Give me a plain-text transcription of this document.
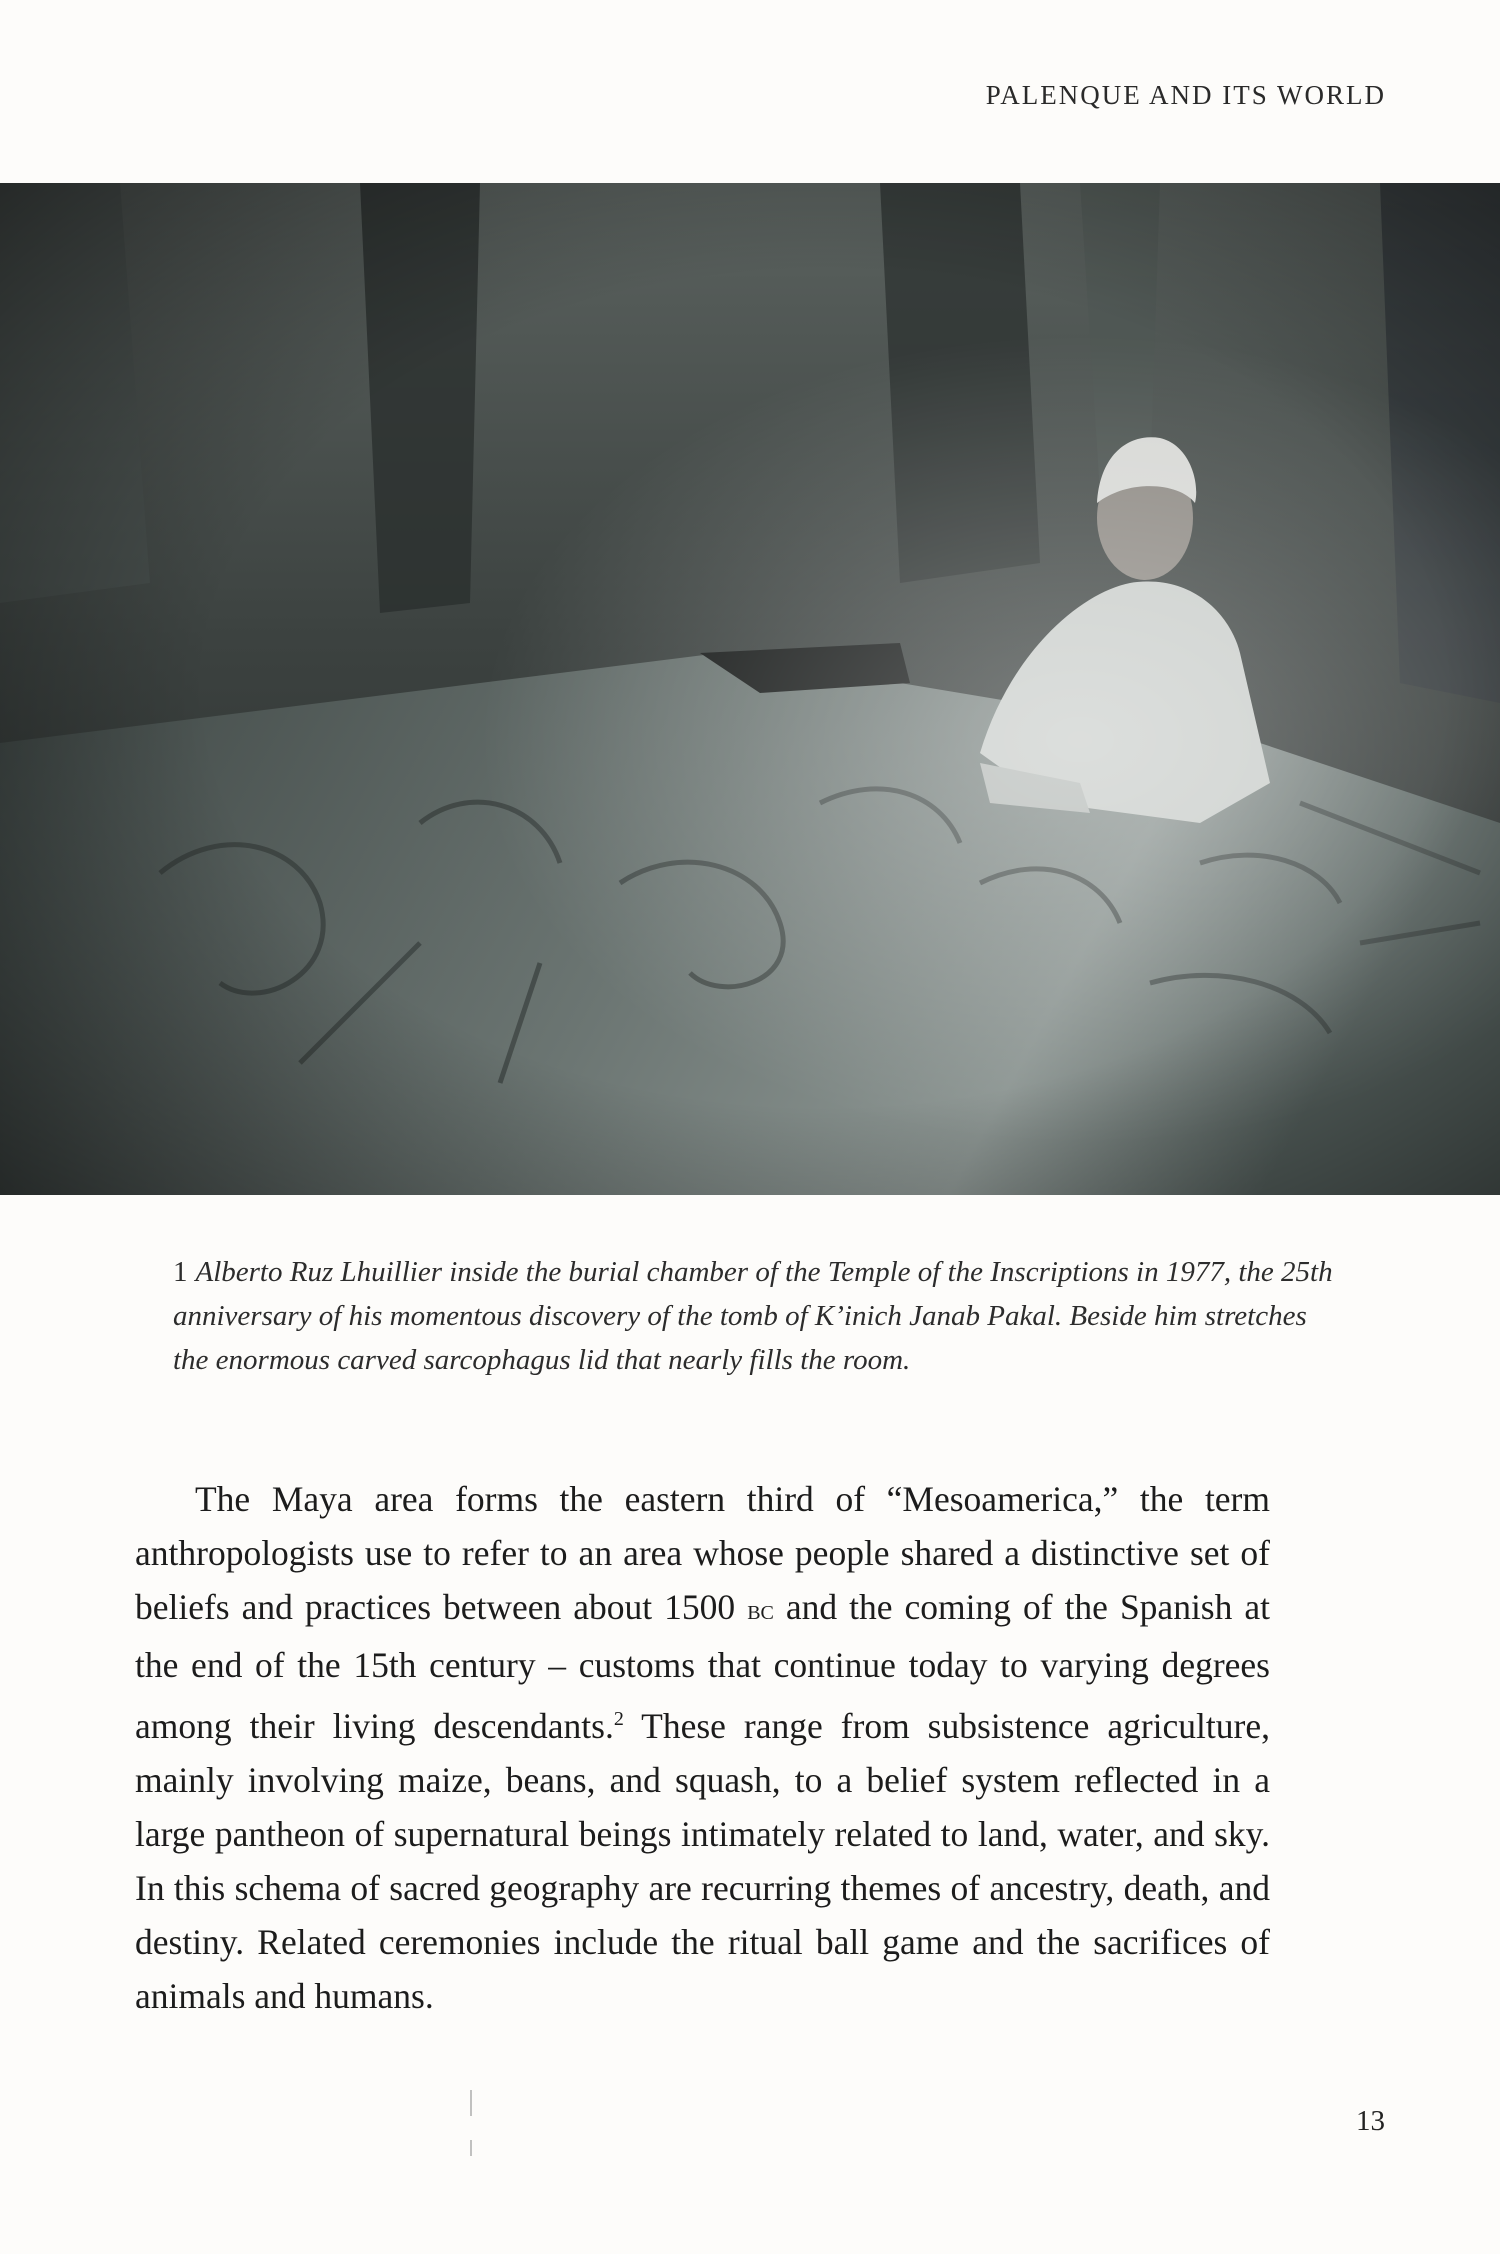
PALENQUE AND ITS WORLD
1 Alberto Ruz Lhuillier inside the burial chamber of the Temple of the Inscriptions in 1977, the 25th anniversary of his momentous discovery of the tomb of K’inich Janab Pakal. Beside him stretches the enormous carved sarcophagus lid that nearly fills the room.

The Maya area forms the eastern third of “Mesoamerica,” the term anthropologists use to refer to an area whose people shared a distinctive set of beliefs and practices between about 1500 bc and the coming of the Spanish at the end of the 15th century – customs that continue today to varying degrees among their living descendants.$^2$ These range from subsistence agriculture, mainly involving maize, beans, and squash, to a belief system reflected in a large pantheon of supernatural beings intimately related to land, water, and sky. In this schema of sacred geography are recurring themes of ancestry, death, and destiny. Related ceremonies include the ritual ball game and the sacrifices of animals and humans.

13
